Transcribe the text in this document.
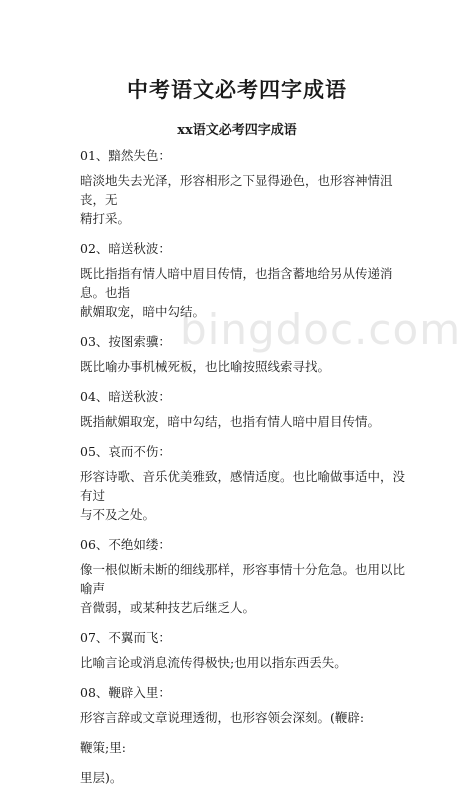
bingdoc.com
中考语文必考四字成语
xx语文必考四字成语
01、黯然失色：
暗淡地失去光泽，形容相形之下显得逊色，也形容神情沮丧，无
精打采。
02、暗送秋波：
既比指指有情人暗中眉目传情，也指含蓄地给另从传递消息。也指
献媚取宠，暗中勾结。
03、按图索骥：
既比喻办事机械死板，也比喻按照线索寻找。
04、暗送秋波：
既指献媚取宠，暗中勾结，也指有情人暗中眉目传情。
05、哀而不伤：
形容诗歌、音乐优美雅致，感情适度。也比喻做事适中，没有过
与不及之处。
06、不绝如缕：
像一根似断未断的细线那样，形容事情十分危急。也用以比喻声
音微弱，或某种技艺后继乏人。
07、不翼而飞：
比喻言论或消息流传得极快;也用以指东西丢失。
08、鞭辟入里：
形容言辞或文章说理透彻，也形容领会深刻。(鞭辟:
鞭策;里:
里层)。
